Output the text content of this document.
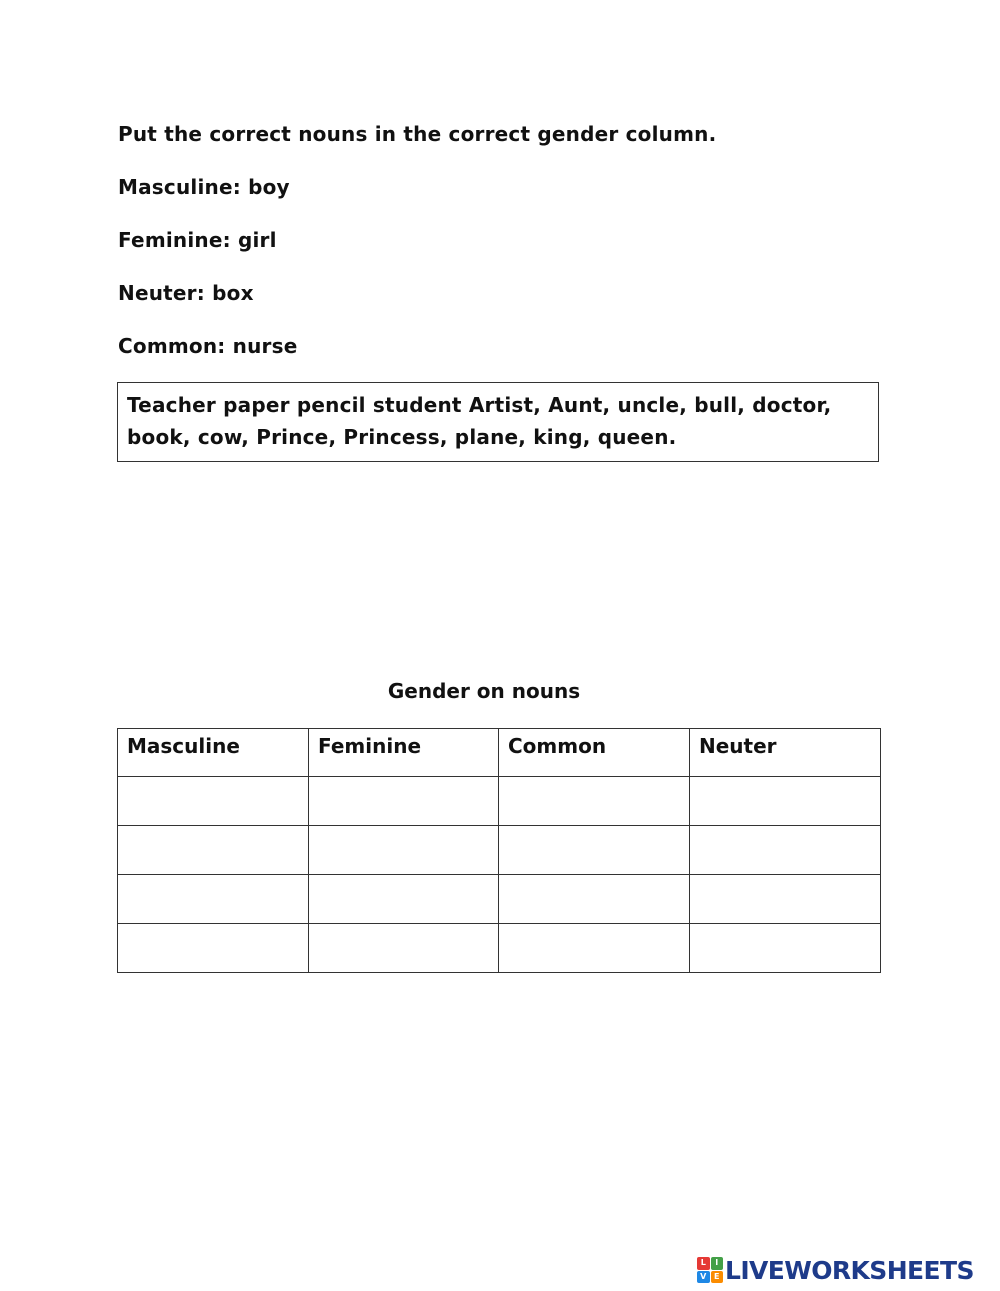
Put the correct nouns in the correct gender column.
Masculine: boy
Feminine: girl
Neuter: box
Common: nurse
Teacher paper pencil student Artist, Aunt, uncle, bull, doctor,
book, cow, Prince, Princess, plane, king, queen.
Gender on nouns
Masculine	Feminine	Common	Neuter

L	I
V E LIVEWORKSHEETS
